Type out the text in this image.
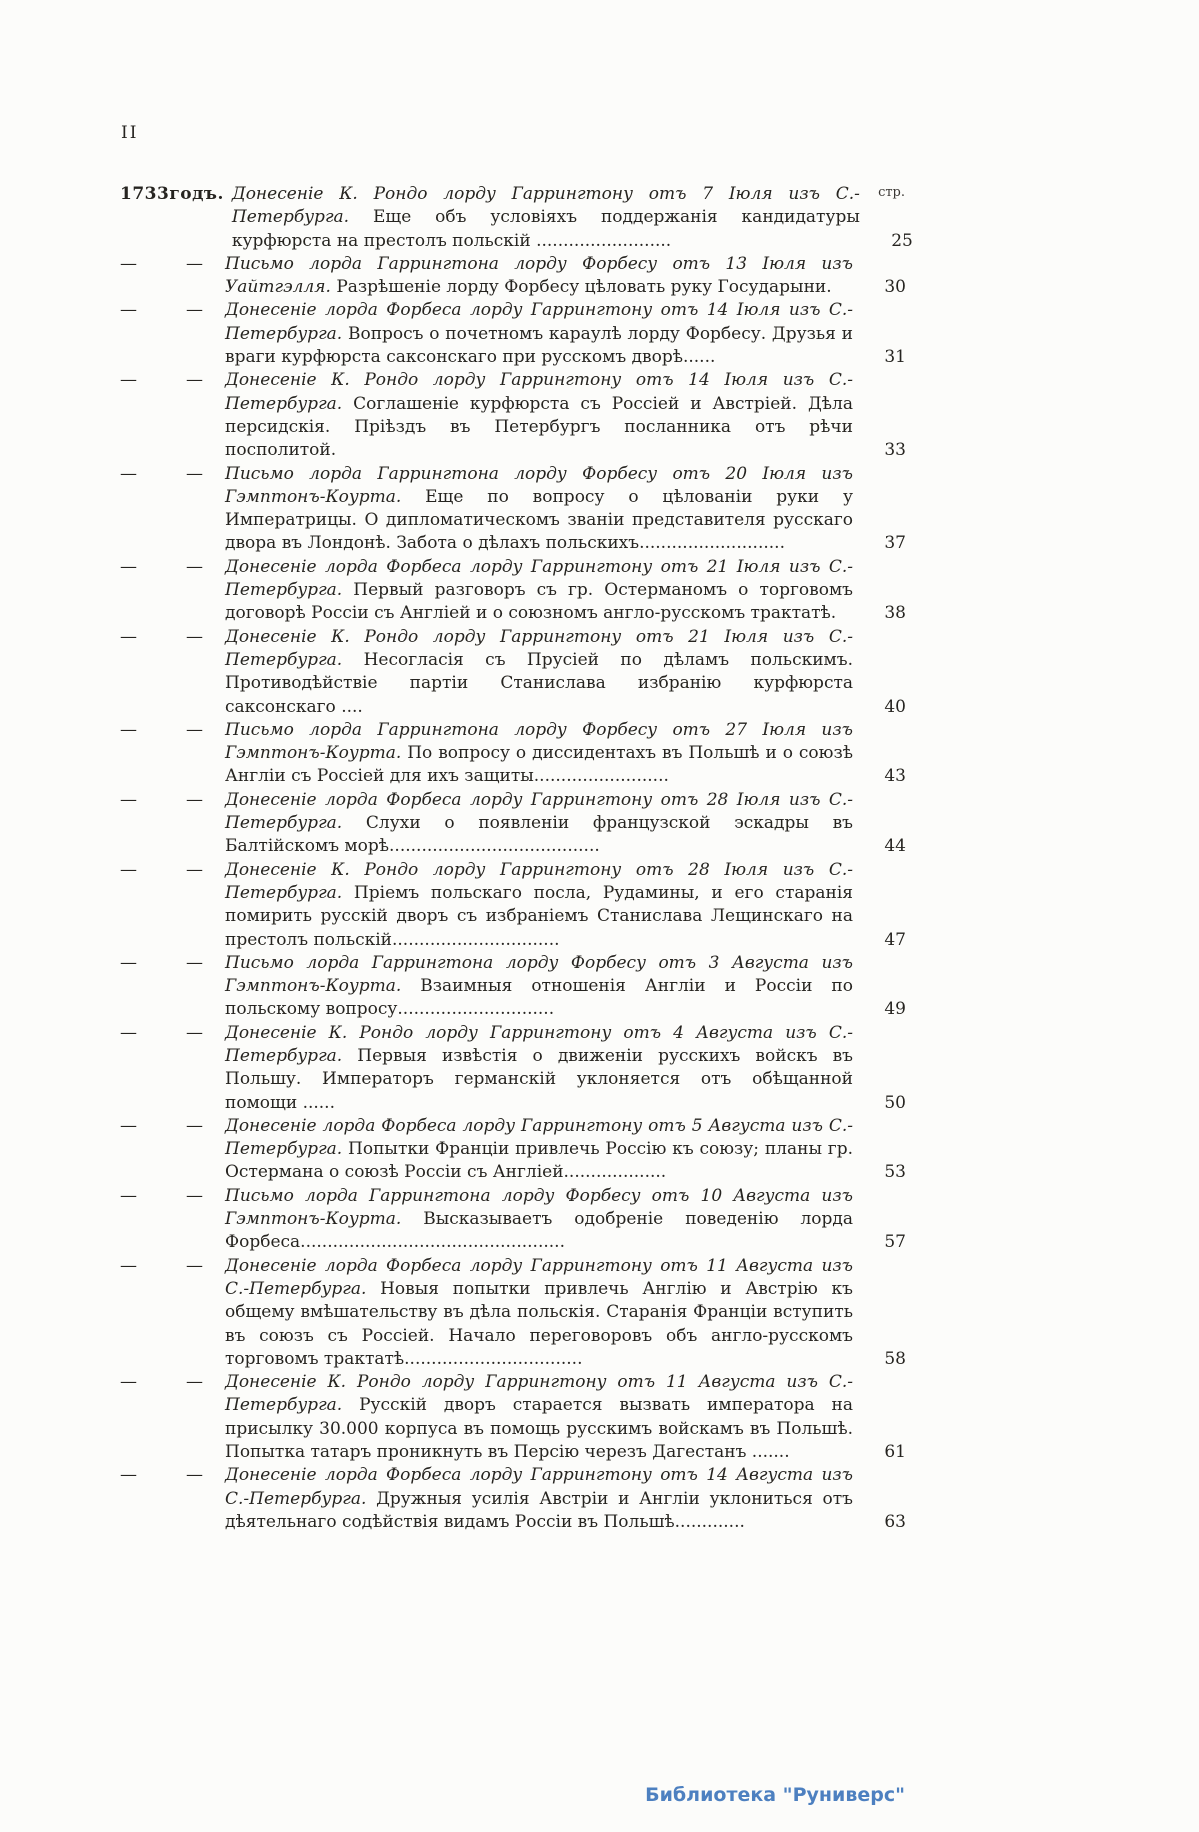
II
стр.
1733 годъ. Донесеніе К. Рондо лорду Гаррингтону отъ 7 Іюля изъ С.-Петербурга. Еще объ условіяхъ поддержанія кандидатуры курфюрста на престолъ польскій .........................	25
—	— Письмо лорда Гаррингтона лорду Форбесу отъ 13 Іюля изъ Уайтгэлля. Разрѣшеніе лорду Форбесу цѣловать руку Государыни.	30
—	— Донесеніе лорда Форбеса лорду Гаррингтону отъ 14 Іюля изъ С.-Петербурга. Вопросъ о почетномъ караулѣ лорду Форбесу. Друзья и враги курфюрста саксонскаго при русскомъ дворѣ......	31
—	— Донесеніе К. Рондо лорду Гаррингтону отъ 14 Іюля изъ С.-Петербурга. Соглашеніе курфюрста съ Россіей и Австріей. Дѣла персидскія. Пріѣздъ въ Петербургъ посланника отъ рѣчи посполитой.	33
—	— Письмо лорда Гаррингтона лорду Форбесу отъ 20 Іюля изъ Гэмптонъ-Коурта. Еще по вопросу о цѣлованіи руки у Императрицы. О дипломатическомъ званіи представителя русскаго двора въ Лондонѣ. Забота о дѣлахъ польскихъ...........................	37
—	— Донесеніе лорда Форбеса лорду Гаррингтону отъ 21 Іюля изъ С.-Петербурга. Первый разговоръ съ гр. Остерманомъ о торговомъ договорѣ Россіи съ Англіей и о союзномъ англо-русскомъ трактатѣ.	38
—	— Донесеніе К. Рондо лорду Гаррингтону отъ 21 Іюля изъ С.-Петербурга. Несогласія съ Прусіей по дѣламъ польскимъ. Противодѣйствіе партіи Станислава избранію курфюрста саксонскаго ....	40
—	— Письмо лорда Гаррингтона лорду Форбесу отъ 27 Іюля изъ Гэмптонъ-Коурта. По вопросу о диссидентахъ въ Польшѣ и о союзѣ Англіи съ Россіей для ихъ защиты.........................	43
—	— Донесеніе лорда Форбеса лорду Гаррингтону отъ 28 Іюля изъ С.-Петербурга. Слухи о появленіи французской эскадры въ Балтійскомъ морѣ.......................................	44
—	— Донесеніе К. Рондо лорду Гаррингтону отъ 28 Іюля изъ С.-Петербурга. Пріемъ польскаго посла, Рудамины, и его старанія помирить русскій дворъ съ избраніемъ Станислава Лещинскаго на престолъ польскій...............................	47
—	— Письмо лорда Гаррингтона лорду Форбесу отъ 3 Августа изъ Гэмптонъ-Коурта. Взаимныя отношенія Англіи и Россіи по польскому вопросу.............................	49
—	— Донесеніе К. Рондо лорду Гаррингтону отъ 4 Августа изъ С.-Петербурга. Первыя извѣстія о движеніи русскихъ войскъ въ Польшу. Императоръ германскій уклоняется отъ обѣщанной помощи ......	50
—	— Донесеніе лорда Форбеса лорду Гаррингтону отъ 5 Августа изъ С.-Петербурга. Попытки Франціи привлечь Россію къ союзу; планы гр. Остермана о союзѣ Россіи съ Англіей...................	53
—	— Письмо лорда Гаррингтона лорду Форбесу отъ 10 Августа изъ Гэмптонъ-Коурта. Высказываетъ одобреніе поведенію лорда Форбеса.................................................	57
—	— Донесеніе лорда Форбеса лорду Гаррингтону отъ 11 Августа изъ С.-Петербурга. Новыя попытки привлечь Англію и Австрію къ общему вмѣшательству въ дѣла польскія. Старанія Франціи вступить въ союзъ съ Россіей. Начало переговоровъ объ англо-русскомъ торговомъ трактатѣ.................................	58
—	— Донесеніе К. Рондо лорду Гаррингтону отъ 11 Августа изъ С.-Петербурга. Русскій дворъ старается вызвать императора на присылку 30.000 корпуса въ помощь русскимъ войскамъ въ Польшѣ. Попытка татаръ проникнуть въ Персію черезъ Дагестанъ .......	61
—	— Донесеніе лорда Форбеса лорду Гаррингтону отъ 14 Августа изъ С.-Петербурга. Дружныя усилія Австріи и Англіи уклониться отъ дѣятельнаго содѣйствія видамъ Россіи въ Польшѣ.............	63
Библиотека "Руниверс"
